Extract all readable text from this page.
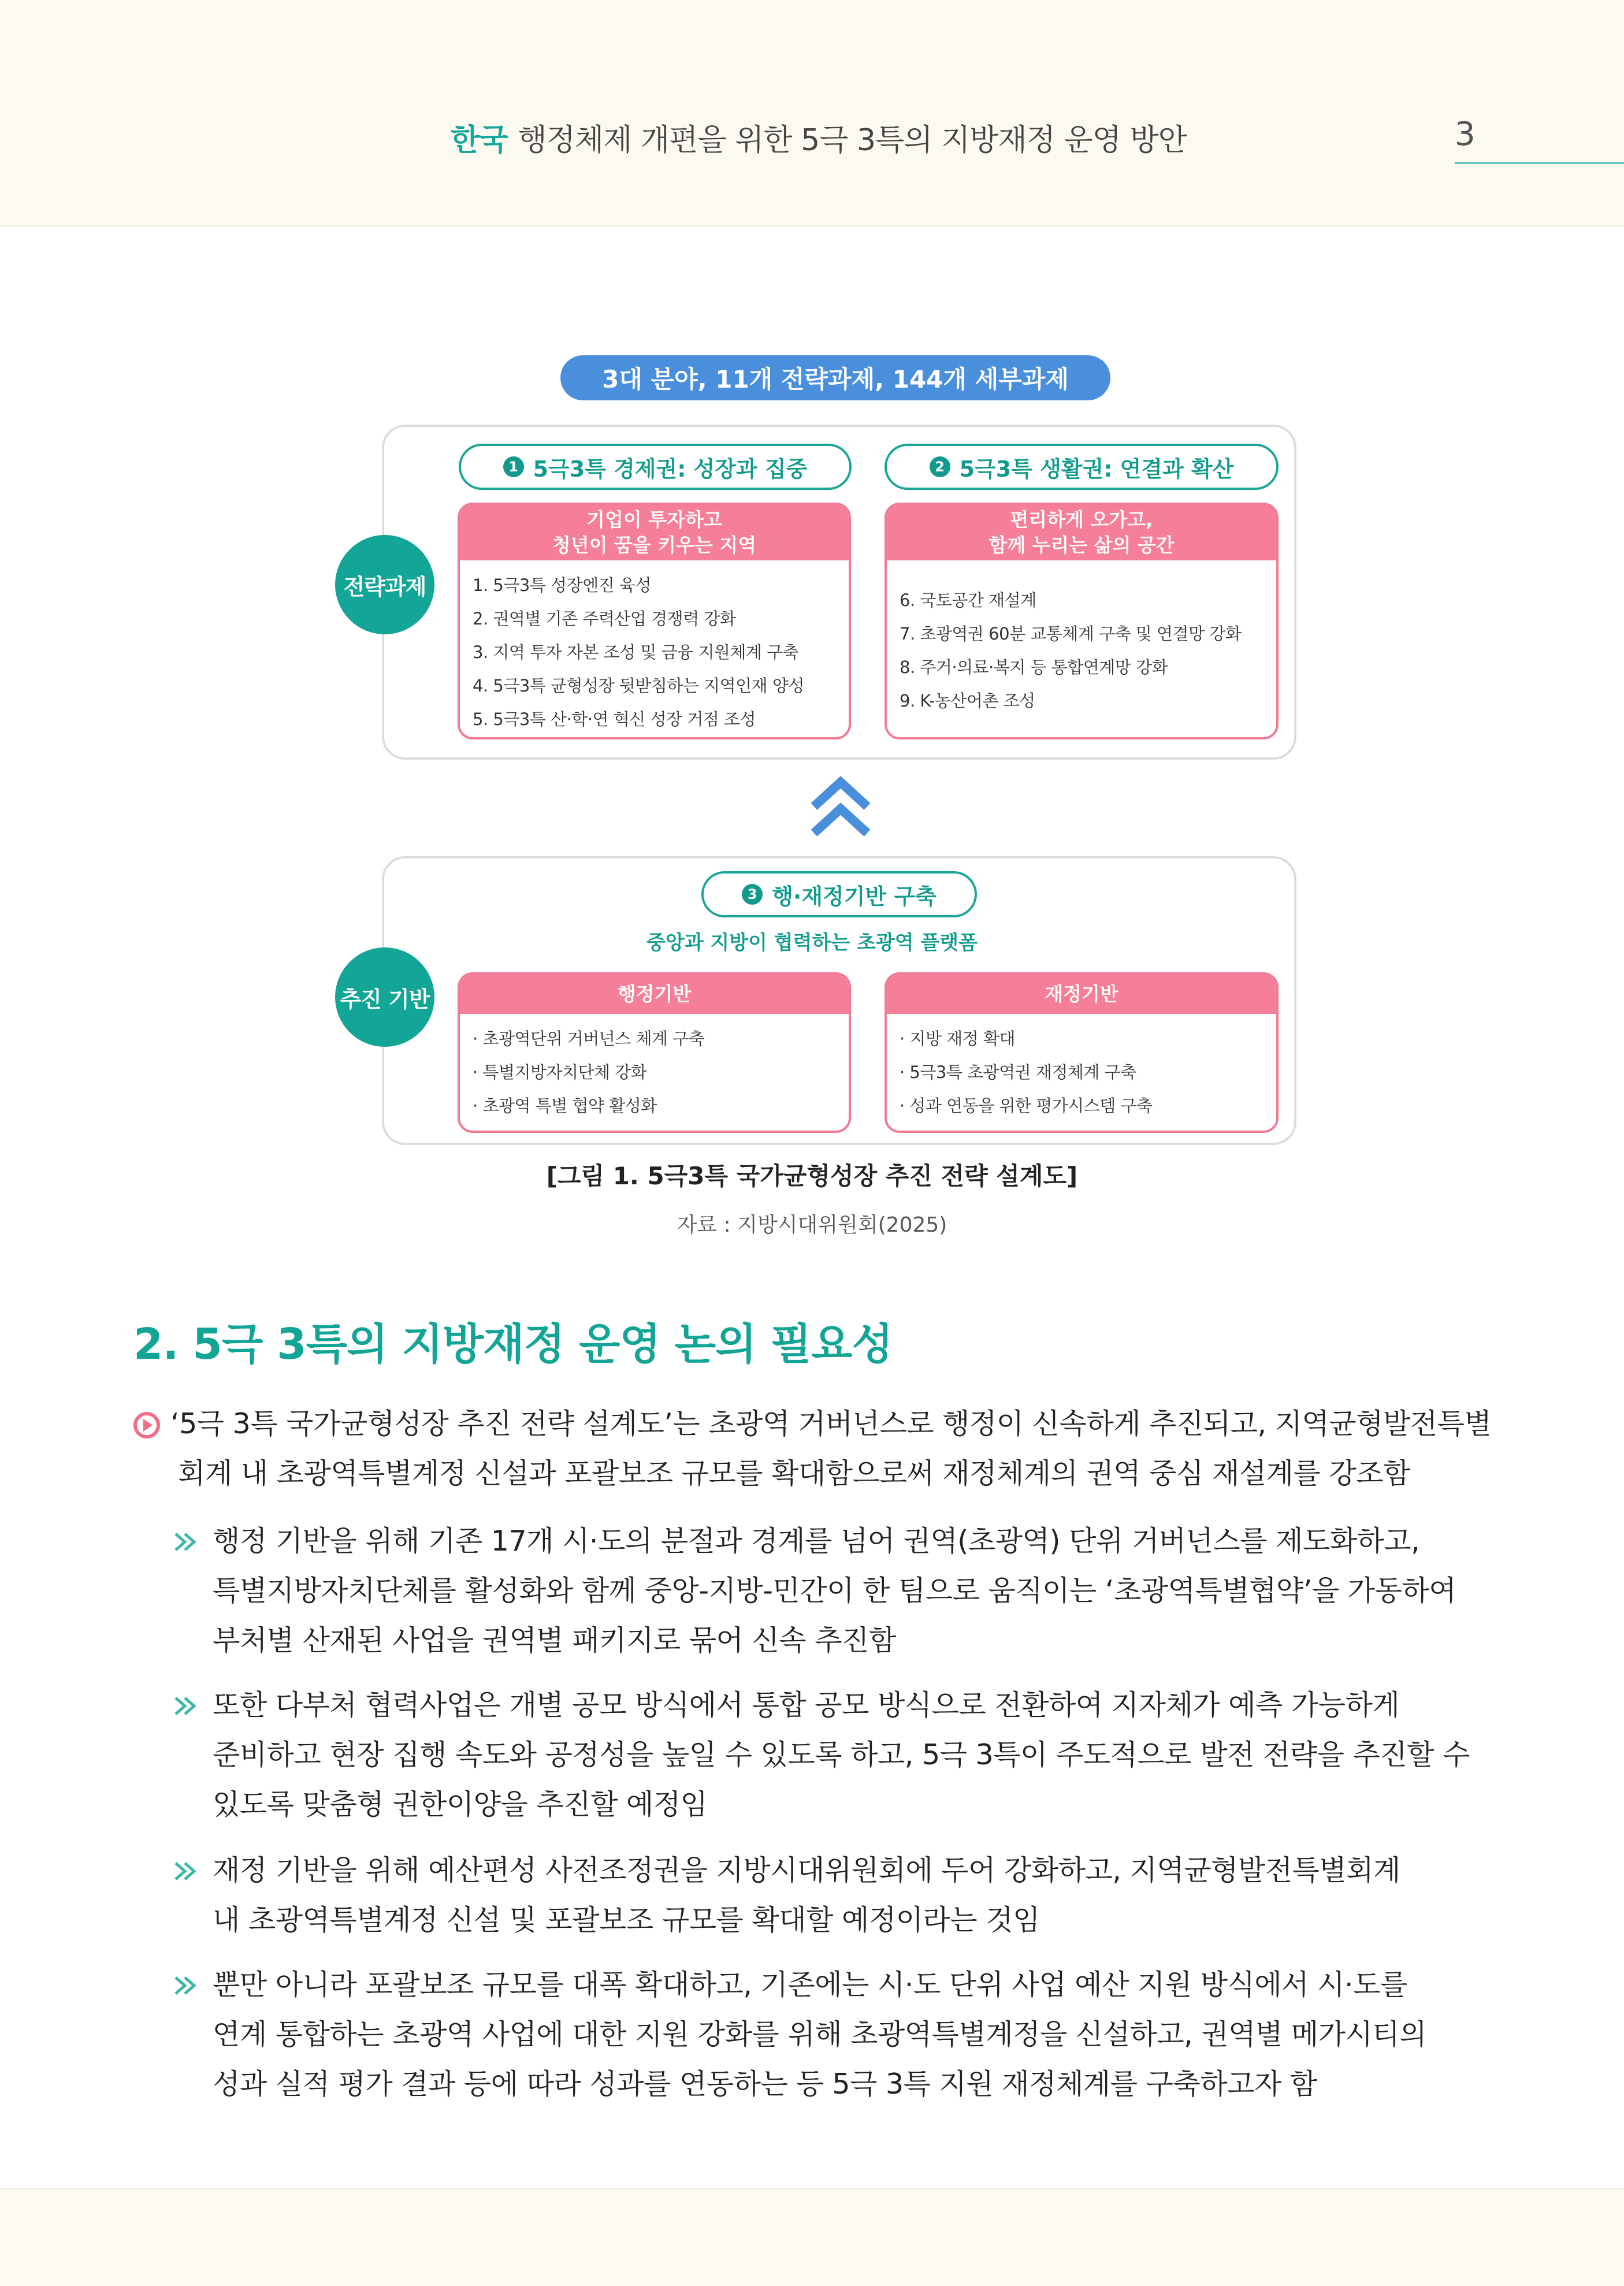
한국 행정체제 개편을 위한 5극 3특의 지방재정 운영 방안	3
3대 분야, 11개 전략과제, 144개 세부과제
전략과제
추진 기반
1 5극3특 경제권: 성장과 집중	2 5극3특 생활권: 연결과 확산
기업이 투자하고
청년이 꿈을 키우는 지역
1. 5극3특 성장엔진 육성
2. 권역별 기존 주력산업 경쟁력 강화
3. 지역 투자 자본 조성 및 금융 지원체계 구축
4. 5극3특 균형성장 뒷받침하는 지역인재 양성
5. 5극3특 산·학·연 혁신 성장 거점 조성
편리하게 오가고,
함께 누리는 삶의 공간
6. 국토공간 재설계
7. 초광역권 60분 교통체계 구축 및 연결망 강화
8. 주거·의료·복지 등 통합연계망 강화
9. K-농산어촌 조성
3 행·재정기반 구축
중앙과 지방이 협력하는 초광역 플랫폼
행정기반
· 초광역단위 거버넌스 체계 구축
· 특별지방자치단체 강화
· 초광역 특별 협약 활성화
재정기반
· 지방 재정 확대
· 5극3특 초광역권 재정체계 구축
· 성과 연동을 위한 평가시스템 구축
[그림 1. 5극3특 국가균형성장 추진 전략 설계도]
자료 : 지방시대위원회(2025)
2. 5극 3특의 지방재정 운영 논의 필요성
‘5극 3특 국가균형성장 추진 전략 설계도’는 초광역 거버넌스로 행정이 신속하게 추진되고, 지역균형발전특별
회계 내 초광역특별계정 신설과 포괄보조 규모를 확대함으로써 재정체계의 권역 중심 재설계를 강조함
행정 기반을 위해 기존 17개 시·도의 분절과 경계를 넘어 권역(초광역) 단위 거버넌스를 제도화하고,
특별지방자치단체를 활성화와 함께 중앙-지방-민간이 한 팀으로 움직이는 ‘초광역특별협약’을 가동하여
부처별 산재된 사업을 권역별 패키지로 묶어 신속 추진함
또한 다부처 협력사업은 개별 공모 방식에서 통합 공모 방식으로 전환하여 지자체가 예측 가능하게
준비하고 현장 집행 속도와 공정성을 높일 수 있도록 하고, 5극 3특이 주도적으로 발전 전략을 추진할 수
있도록 맞춤형 권한이양을 추진할 예정임
재정 기반을 위해 예산편성 사전조정권을 지방시대위원회에 두어 강화하고, 지역균형발전특별회계
내 초광역특별계정 신설 및 포괄보조 규모를 확대할 예정이라는 것임
뿐만 아니라 포괄보조 규모를 대폭 확대하고, 기존에는 시·도 단위 사업 예산 지원 방식에서 시·도를
연계 통합하는 초광역 사업에 대한 지원 강화를 위해 초광역특별계정을 신설하고, 권역별 메가시티의
성과 실적 평가 결과 등에 따라 성과를 연동하는 등 5극 3특 지원 재정체계를 구축하고자 함
